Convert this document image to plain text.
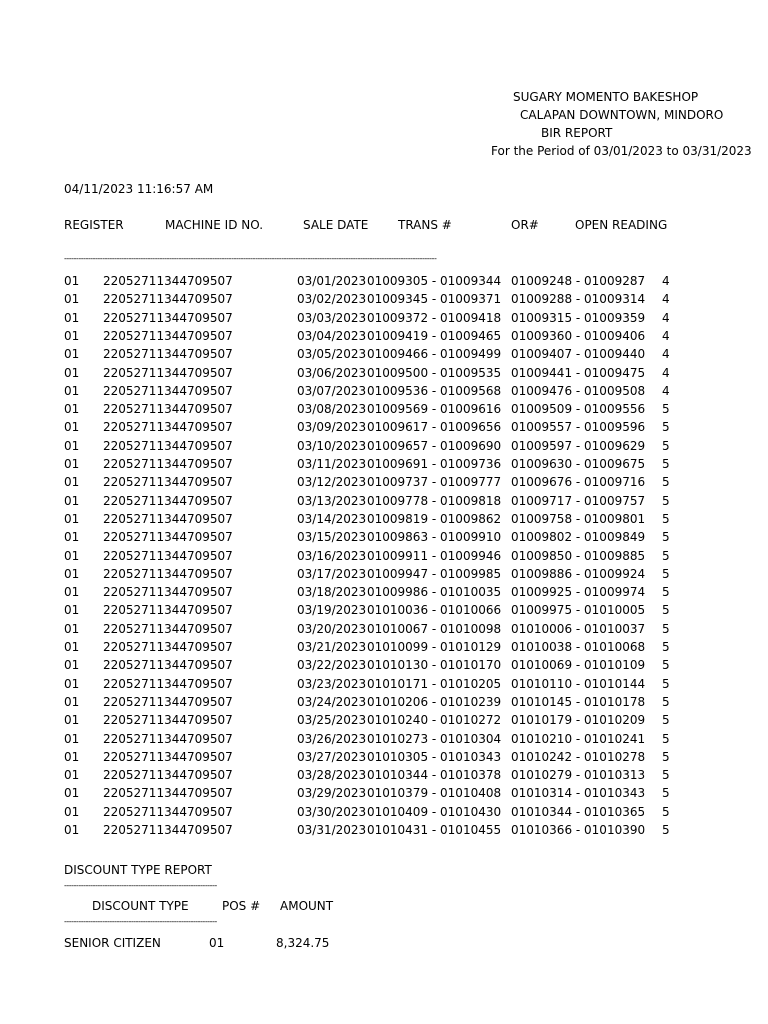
SUGARY MOMENTO BAKESHOP
CALAPAN DOWNTOWN, MINDORO
BIR REPORT
For the Period of 03/01/2023 to 03/31/2023
04/11/2023 11:16:57 AM
REGISTER	MACHINE ID NO.	SALE DATE TRANS #	OR#	OPEN READING
------------------------------------------------------------------------------------------------------------------------------------------------------------
01 22052711344709507	03/01/2023 01009305 - 01009344 01009248 - 01009287 4
01 22052711344709507	03/02/2023 01009345 - 01009371 01009288 - 01009314 4
01 22052711344709507	03/03/2023 01009372 - 01009418 01009315 - 01009359 4
01 22052711344709507	03/04/2023 01009419 - 01009465 01009360 - 01009406 4
01 22052711344709507	03/05/2023 01009466 - 01009499 01009407 - 01009440 4
01 22052711344709507	03/06/2023 01009500 - 01009535 01009441 - 01009475 4
01 22052711344709507	03/07/2023 01009536 - 01009568 01009476 - 01009508 4
01 22052711344709507	03/08/2023 01009569 - 01009616 01009509 - 01009556 5
01 22052711344709507	03/09/2023 01009617 - 01009656 01009557 - 01009596 5
01 22052711344709507	03/10/2023 01009657 - 01009690 01009597 - 01009629 5
01 22052711344709507	03/11/2023 01009691 - 01009736 01009630 - 01009675 5
01 22052711344709507	03/12/2023 01009737 - 01009777 01009676 - 01009716 5
01 22052711344709507	03/13/2023 01009778 - 01009818 01009717 - 01009757 5
01 22052711344709507	03/14/2023 01009819 - 01009862 01009758 - 01009801 5
01 22052711344709507	03/15/2023 01009863 - 01009910 01009802 - 01009849 5
01 22052711344709507	03/16/2023 01009911 - 01009946 01009850 - 01009885 5
01 22052711344709507	03/17/2023 01009947 - 01009985 01009886 - 01009924 5
01 22052711344709507	03/18/2023 01009986 - 01010035 01009925 - 01009974 5
01 22052711344709507	03/19/2023 01010036 - 01010066 01009975 - 01010005 5
01 22052711344709507	03/20/2023 01010067 - 01010098 01010006 - 01010037 5
01 22052711344709507	03/21/2023 01010099 - 01010129 01010038 - 01010068 5
01 22052711344709507	03/22/2023 01010130 - 01010170 01010069 - 01010109 5
01 22052711344709507	03/23/2023 01010171 - 01010205 01010110 - 01010144 5
01 22052711344709507	03/24/2023 01010206 - 01010239 01010145 - 01010178 5
01 22052711344709507	03/25/2023 01010240 - 01010272 01010179 - 01010209 5
01 22052711344709507	03/26/2023 01010273 - 01010304 01010210 - 01010241 5
01 22052711344709507	03/27/2023 01010305 - 01010343 01010242 - 01010278 5
01 22052711344709507	03/28/2023 01010344 - 01010378 01010279 - 01010313 5
01 22052711344709507	03/29/2023 01010379 - 01010408 01010314 - 01010343 5
01 22052711344709507	03/30/2023 01010409 - 01010430 01010344 - 01010365 5
01 22052711344709507	03/31/2023 01010431 - 01010455 01010366 - 01010390 5
DISCOUNT TYPE REPORT
----------------------------------------------------------------
DISCOUNT TYPE	POS # AMOUNT
----------------------------------------------------------------
SENIOR CITIZEN	01	8,324.75
